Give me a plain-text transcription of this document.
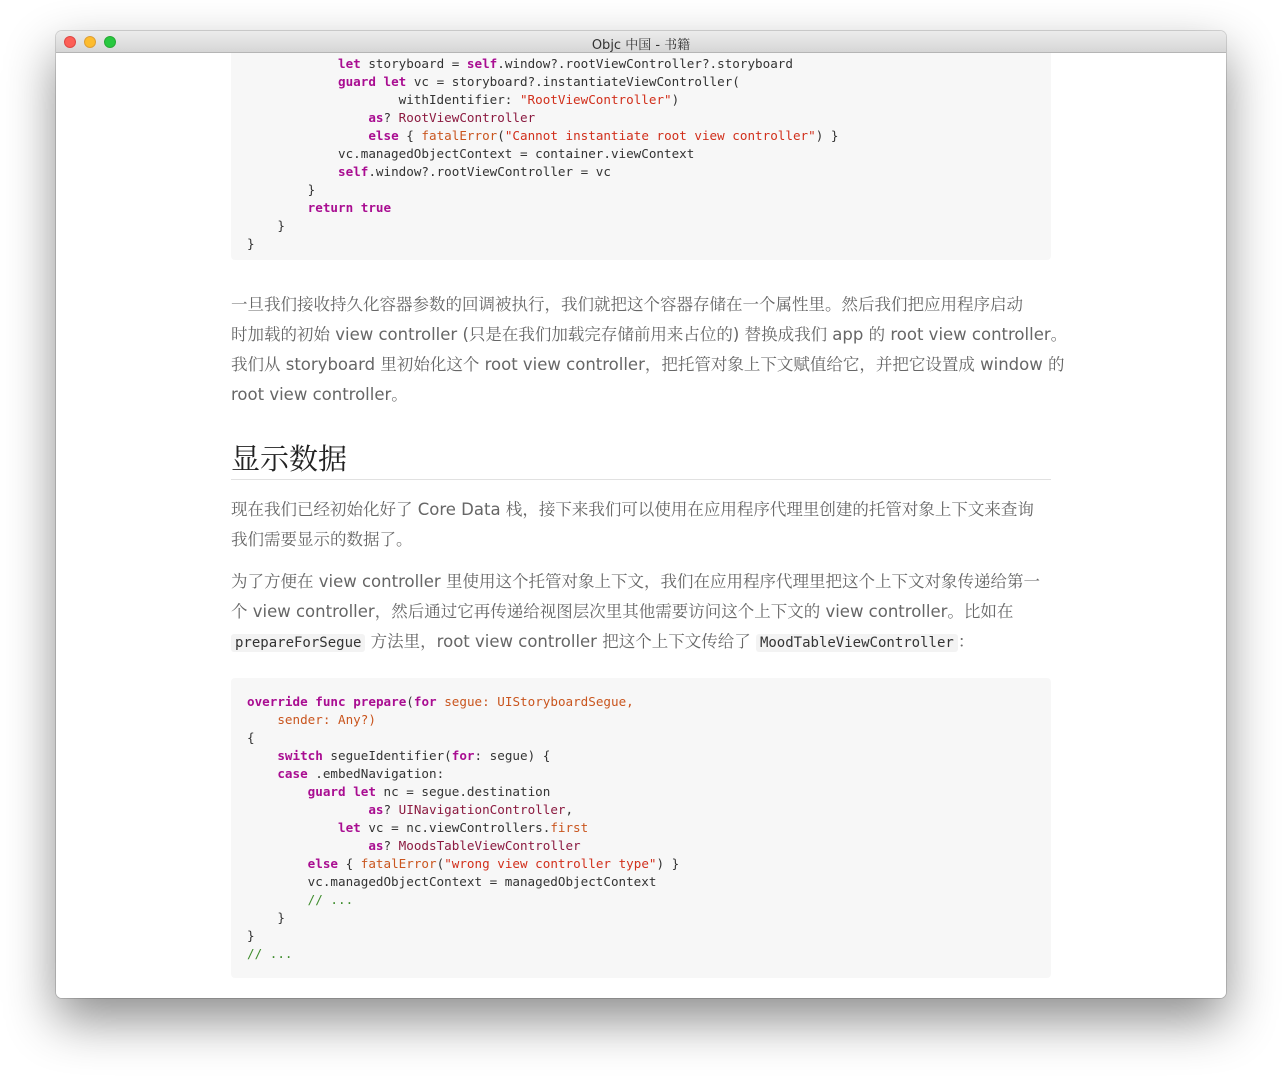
Objc 中国 - 书籍
let storyboard = self.window?.rootViewController?.storyboard
guard let vc = storyboard?.instantiateViewController(
withIdentifier: "RootViewController")
as? RootViewController
else { fatalError("Cannot instantiate root view controller") }
vc.managedObjectContext = container.viewContext
self.window?.rootViewController = vc
}
return true
}
}
一旦我们接收持久化容器参数的回调被执行，我们就把这个容器存储在一个属性里。然后我们把应用程序启动
时加载的初始 view controller (只是在我们加载完存储前用来占位的) 替换成我们 app 的 root view controller。
我们从 storyboard 里初始化这个 root view controller，把托管对象上下文赋值给它，并把它设置成 window 的
root view controller。
显示数据
现在我们已经初始化好了 Core Data 栈，接下来我们可以使用在应用程序代理里创建的托管对象上下文来查询
我们需要显示的数据了。
为了方便在 view controller 里使用这个托管对象上下文，我们在应用程序代理里把这个上下文对象传递给第一
个 view controller，然后通过它再传递给视图层次里其他需要访问这个上下文的 view controller。比如在
prepareForSegue 方法里，root view controller 把这个上下文传给了 MoodTableViewController ：
override func prepare(for segue: UIStoryboardSegue,
sender: Any?)
{
switch segueIdentifier(for: segue) {
case .embedNavigation:
guard let nc = segue.destination
as? UINavigationController,
let vc = nc.viewControllers.first
as? MoodsTableViewController
else { fatalError("wrong view controller type") }
vc.managedObjectContext = managedObjectContext
// ...
}
}
// ...
